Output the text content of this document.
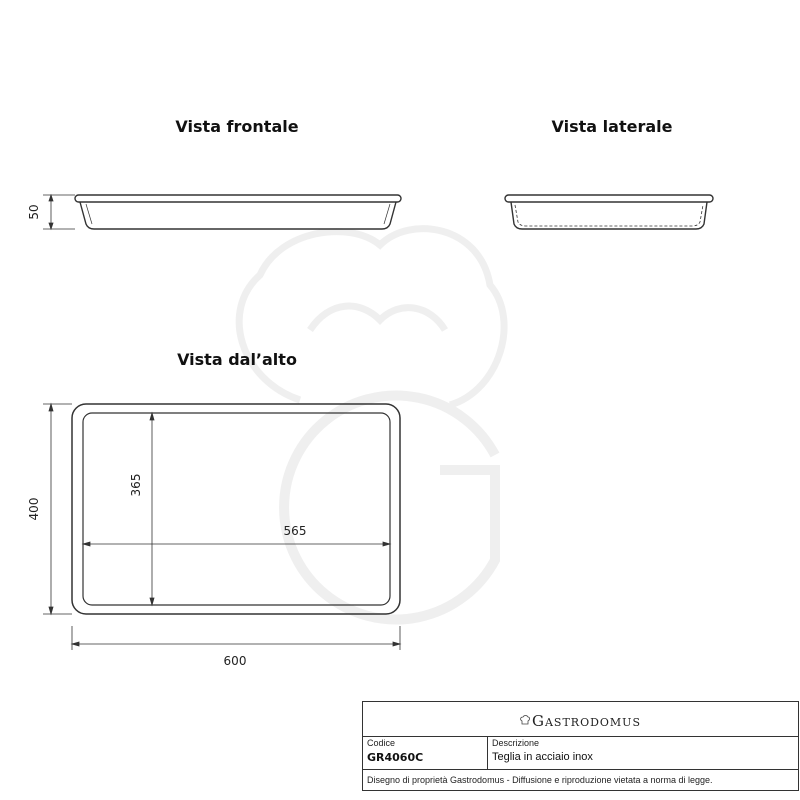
50
365
565
400
600
Vista frontale	Vista laterale
Vista dal’alto
Gastrodomus
Codice
GR4060C
Descrizione
Teglia in acciaio inox
Disegno di proprietà Gastrodomus - Diffusione e riproduzione vietata a norma di legge.
